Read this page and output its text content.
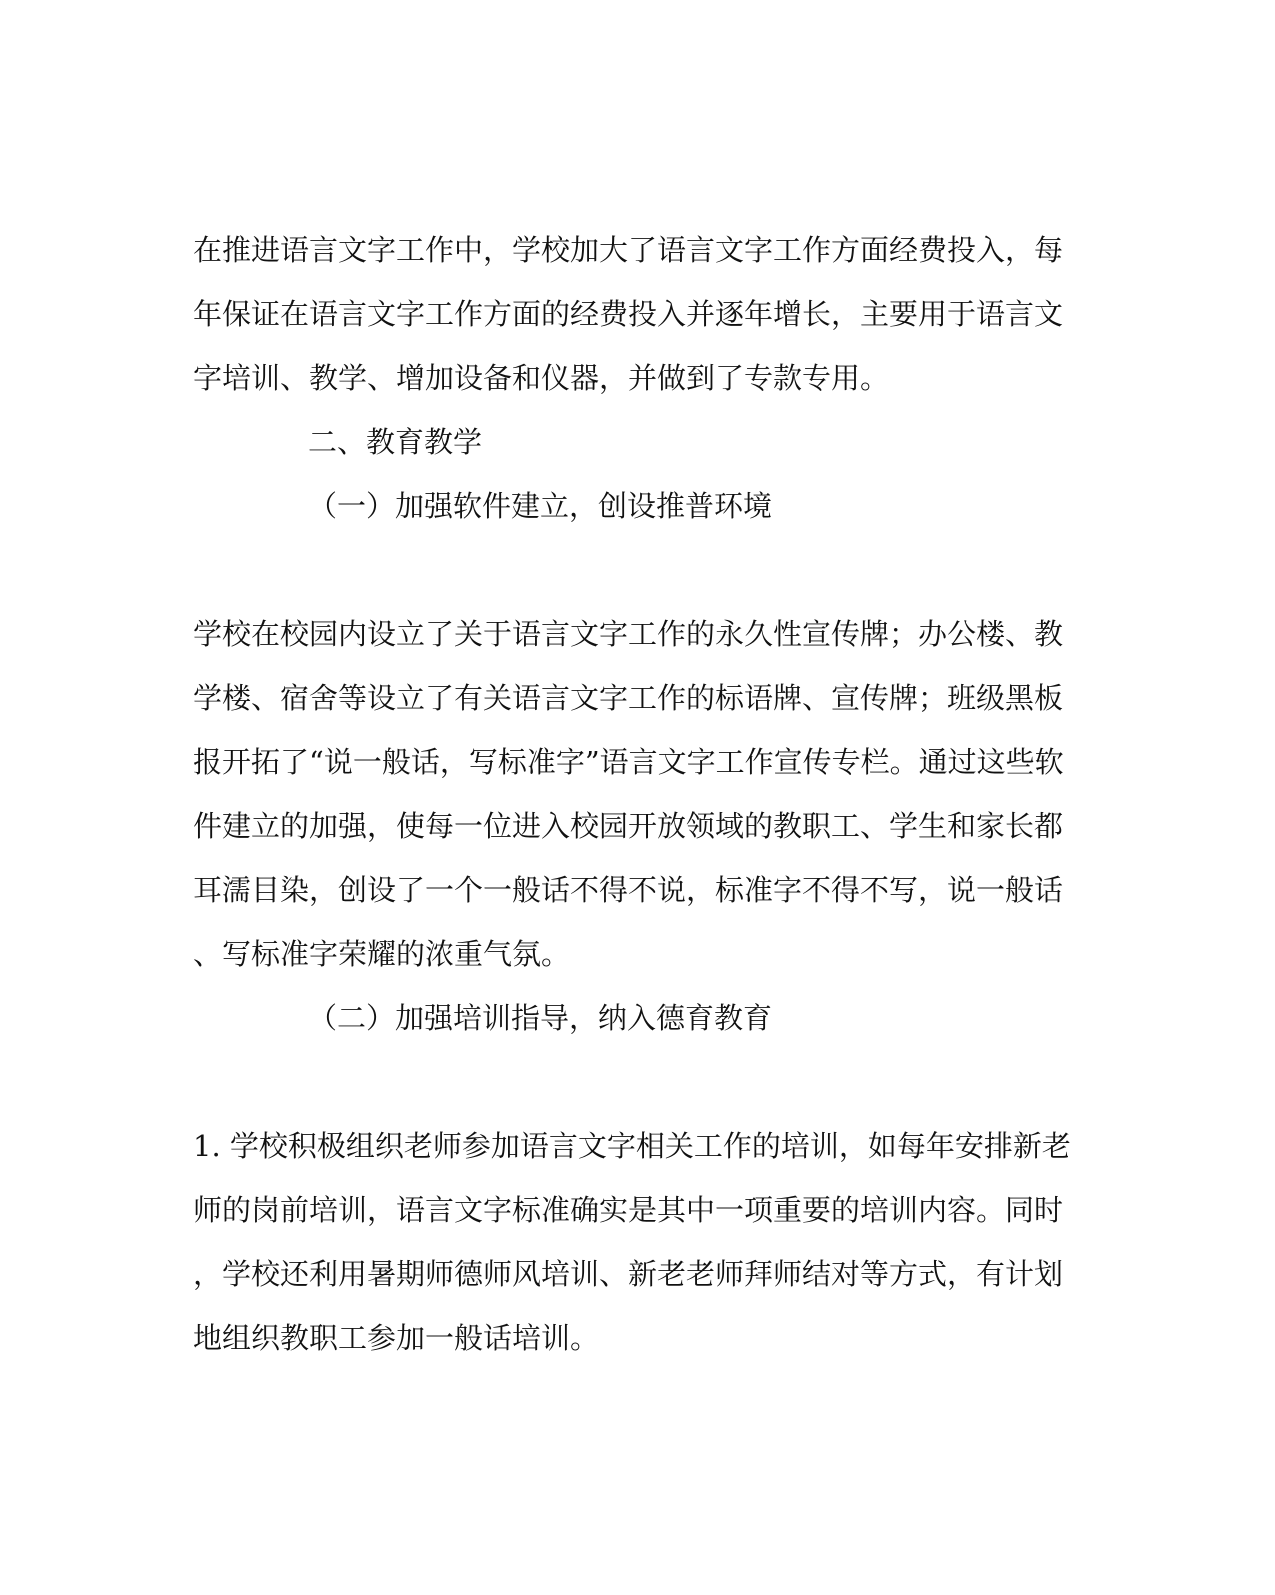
在推进语言文字工作中，学校加大了语言文字工作方面经费投入，每
年保证在语言文字工作方面的经费投入并逐年增长，主要用于语言文
字培训、教学、增加设备和仪器，并做到了专款专用。
二、教育教学
（一）加强软件建立，创设推普环境
学校在校园内设立了关于语言文字工作的永久性宣传牌；办公楼、教
学楼、宿舍等设立了有关语言文字工作的标语牌、宣传牌；班级黑板
报开拓了“说一般话，写标准字”语言文字工作宣传专栏。通过这些软
件建立的加强，使每一位进入校园开放领域的教职工、学生和家长都
耳濡目染，创设了一个一般话不得不说，标准字不得不写，说一般话
、写标准字荣耀的浓重气氛。
（二）加强培训指导，纳入德育教育
1. 学校积极组织老师参加语言文字相关工作的培训，如每年安排新老
师的岗前培训，语言文字标准确实是其中一项重要的培训内容。同时
，学校还利用暑期师德师风培训、新老老师拜师结对等方式，有计划
地组织教职工参加一般话培训。
